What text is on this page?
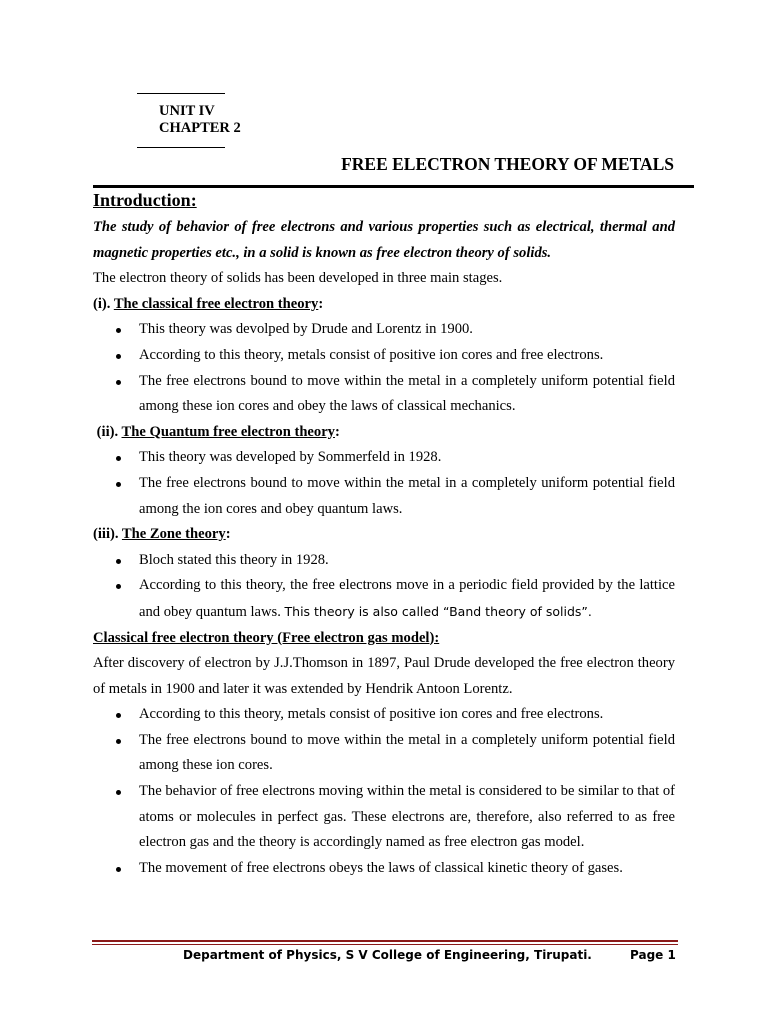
UNIT IV
CHAPTER 2
FREE ELECTRON THEORY OF METALS

Introduction:

The study of behavior of free electrons and various properties such as electrical, thermal and magnetic properties etc., in a solid is known as free electron theory of solids.

The electron theory of solids has been developed in three main stages.

(i). The classical free electron theory:

This theory was devolped by Drude and Lorentz in 1900.
According to this theory, metals consist of positive ion cores and free electrons.
The free electrons bound to move within the metal in a completely uniform potential field among these ion cores and obey the laws of classical mechanics.

(ii). The Quantum free electron theory:

This theory was developed by Sommerfeld in 1928.
The free electrons bound to move within the metal in a completely uniform potential field among the ion cores and obey quantum laws.

(iii). The Zone theory:

Bloch stated this theory in 1928.
According to this theory, the free electrons move in a periodic field provided by the lattice and obey quantum laws. This theory is also called “Band theory of solids”.

Classical free electron theory (Free electron gas model):

After discovery of electron by J.J.Thomson in 1897, Paul Drude developed the free electron theory of metals in 1900 and later it was extended by Hendrik Antoon Lorentz.

According to this theory, metals consist of positive ion cores and free electrons.
The free electrons bound to move within the metal in a completely uniform potential field among these ion cores.
The behavior of free electrons moving within the metal is considered to be similar to that of atoms or molecules in perfect gas. These electrons are, therefore, also referred to as free electron gas and the theory is accordingly named as free electron gas model.
The movement of free electrons obeys the laws of classical kinetic theory of gases.
Department of Physics, S V College of Engineering, Tirupati.	Page 1
